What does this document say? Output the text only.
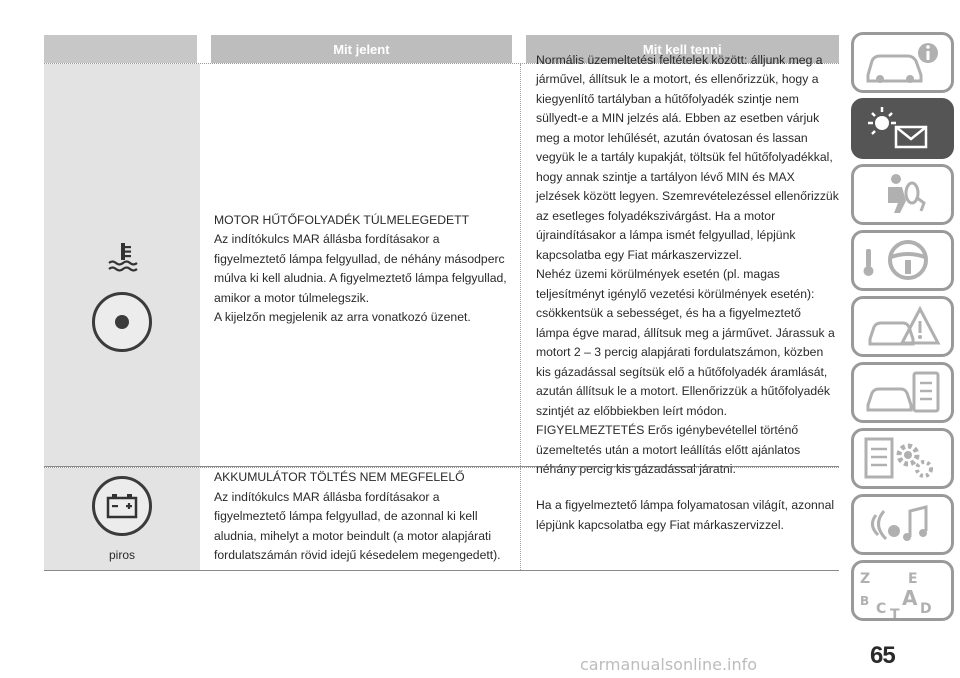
Mit jelent	Mit kell tenni
MOTOR HŰTŐFOLYADÉK TÚLMELEGEDETT
Az indítókulcs MAR állásba fordításakor a
figyelmeztető lámpa felgyullad, de néhány másodperc
múlva ki kell aludnia. A figyelmeztető lámpa felgyullad,
amikor a motor túlmelegszik.
A kijelzőn megjelenik az arra vonatkozó üzenet.
Normális üzemeltetési feltételek között: álljunk meg a
járművel, állítsuk le a motort, és ellenőrizzük, hogy a
kiegyenlítő tartályban a hűtőfolyadék szintje nem
süllyedt-e a MIN jelzés alá. Ebben az esetben várjuk
meg a motor lehűlését, azután óvatosan és lassan
vegyük le a tartály kupakját, töltsük fel hűtőfolyadékkal,
hogy annak szintje a tartályon lévő MIN és MAX
jelzések között legyen. Szemrevételezéssel ellenőrizzük
az esetleges folyadékszivárgást. Ha a motor
újraindításakor a lámpa ismét felgyullad, lépjünk
kapcsolatba egy Fiat márkaszervizzel.
Nehéz üzemi körülmények esetén (pl. magas
teljesítményt igénylő vezetési körülmények esetén):
csökkentsük a sebességet, és ha a figyelmeztető
lámpa égve marad, állítsuk meg a járművet. Járassuk a
motort 2 – 3 percig alapjárati fordulatszámon, közben
kis gázadással segítsük elő a hűtőfolyadék áramlását,
azután állítsuk le a motort. Ellenőrizzük a hűtőfolyadék
szintjét az előbbiekben leírt módon.
FIGYELMEZTETÉS Erős igénybevétellel történő
üzemeltetés után a motort leállítás előtt ajánlatos
néhány percig kis gázadással járatni.
piros
AKKUMULÁTOR TÖLTÉS NEM MEGFELELŐ
Az indítókulcs MAR állásba fordításakor a
figyelmeztető lámpa felgyullad, de azonnal ki kell
aludnia, mihelyt a motor beindult (a motor alapjárati
fordulatszámán rövid idejű késedelem megengedett).
Ha a figyelmeztető lámpa folyamatosan világít, azonnal
lépjünk kapcsolatba egy Fiat márkaszervizzel.
Z	E
B C T
A D
65
carmanualsonline.info
